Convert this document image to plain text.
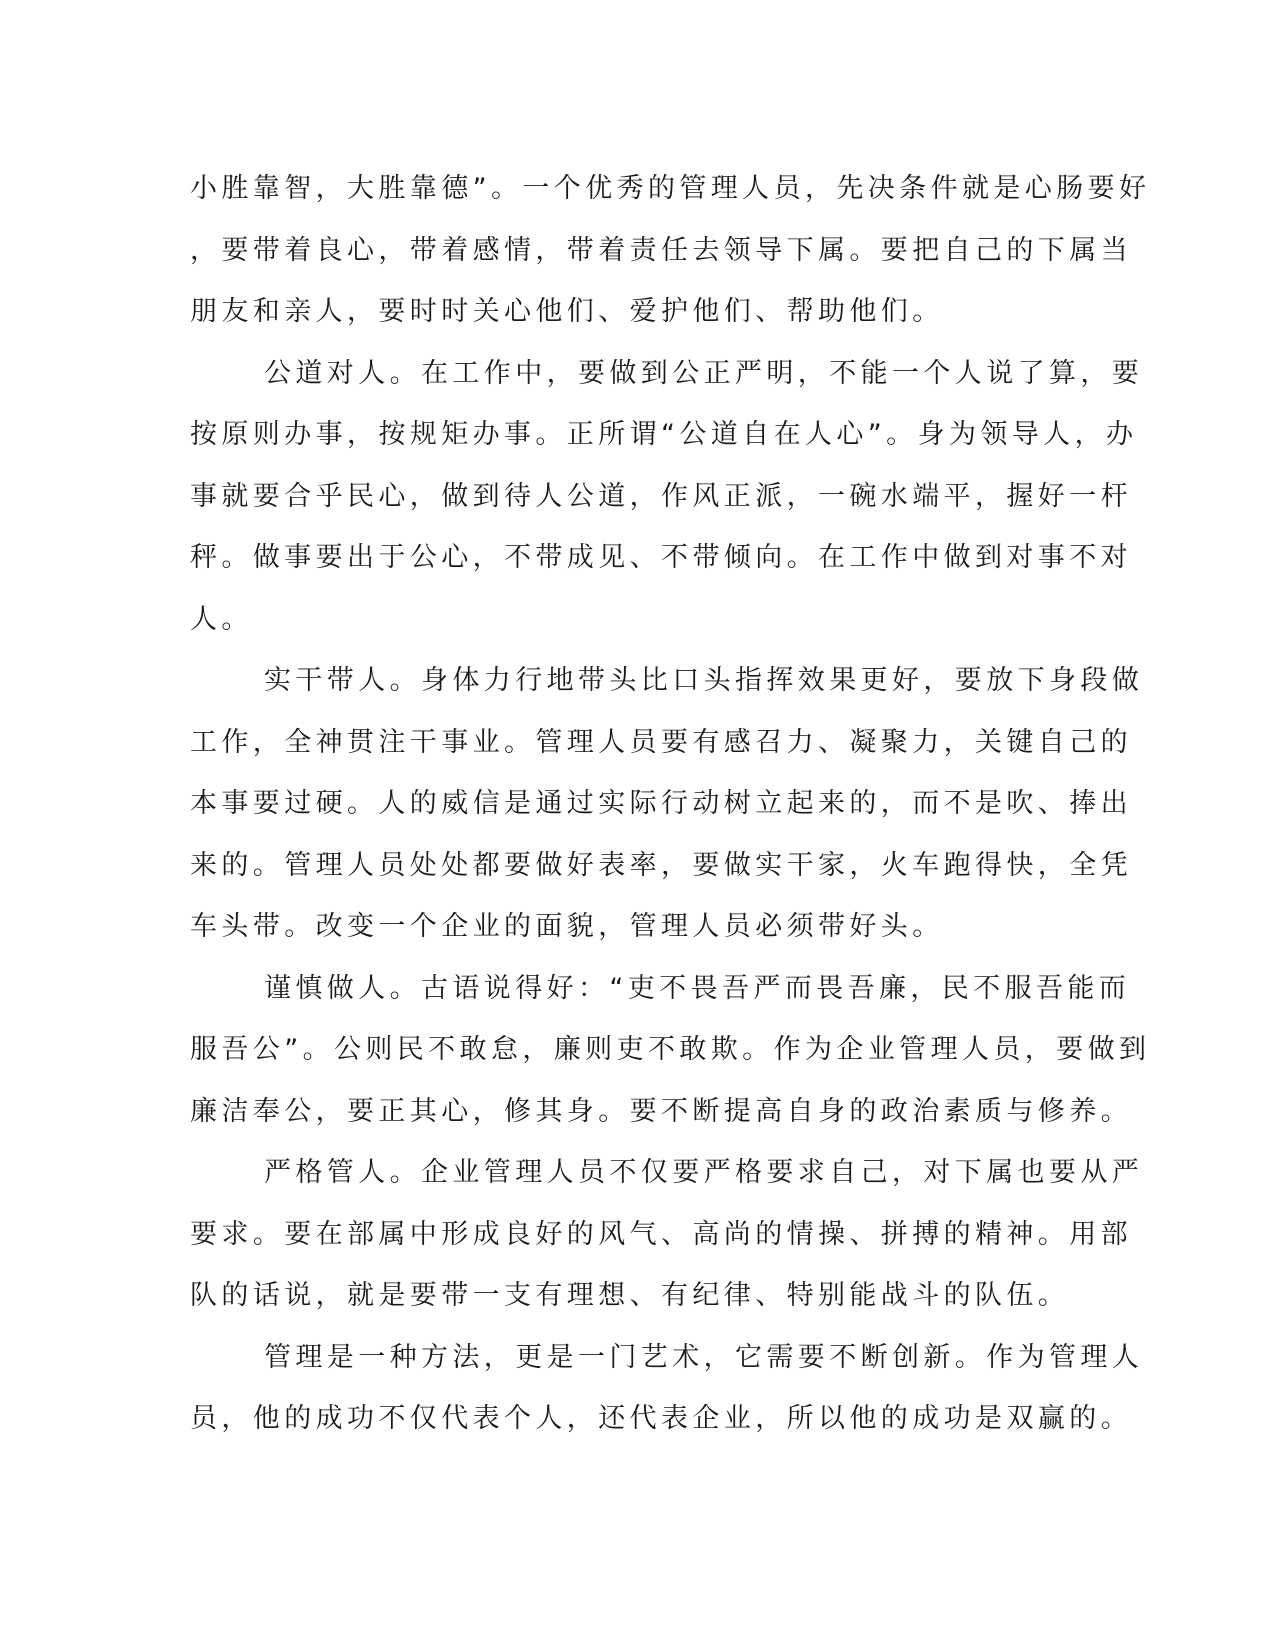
小胜靠智，大胜靠德”。一个优秀的管理人员，先决条件就是心肠要好
，要带着良心，带着感情，带着责任去领导下属。要把自己的下属当
朋友和亲人，要时时关心他们、爱护他们、帮助他们。
公道对人。在工作中，要做到公正严明，不能一个人说了算，要
按原则办事，按规矩办事。正所谓“公道自在人心”。身为领导人，办
事就要合乎民心，做到待人公道，作风正派，一碗水端平，握好一杆
秤。做事要出于公心，不带成见、不带倾向。在工作中做到对事不对
人。
实干带人。身体力行地带头比口头指挥效果更好，要放下身段做
工作，全神贯注干事业。管理人员要有感召力、凝聚力，关键自己的
本事要过硬。人的威信是通过实际行动树立起来的，而不是吹、捧出
来的。管理人员处处都要做好表率，要做实干家，火车跑得快，全凭
车头带。改变一个企业的面貌，管理人员必须带好头。
谨慎做人。古语说得好：“吏不畏吾严而畏吾廉，民不服吾能而
服吾公”。公则民不敢怠，廉则吏不敢欺。作为企业管理人员，要做到
廉洁奉公，要正其心，修其身。要不断提高自身的政治素质与修养。
严格管人。企业管理人员不仅要严格要求自己，对下属也要从严
要求。要在部属中形成良好的风气、高尚的情操、拼搏的精神。用部
队的话说，就是要带一支有理想、有纪律、特别能战斗的队伍。
管理是一种方法，更是一门艺术，它需要不断创新。作为管理人
员，他的成功不仅代表个人，还代表企业，所以他的成功是双赢的。
